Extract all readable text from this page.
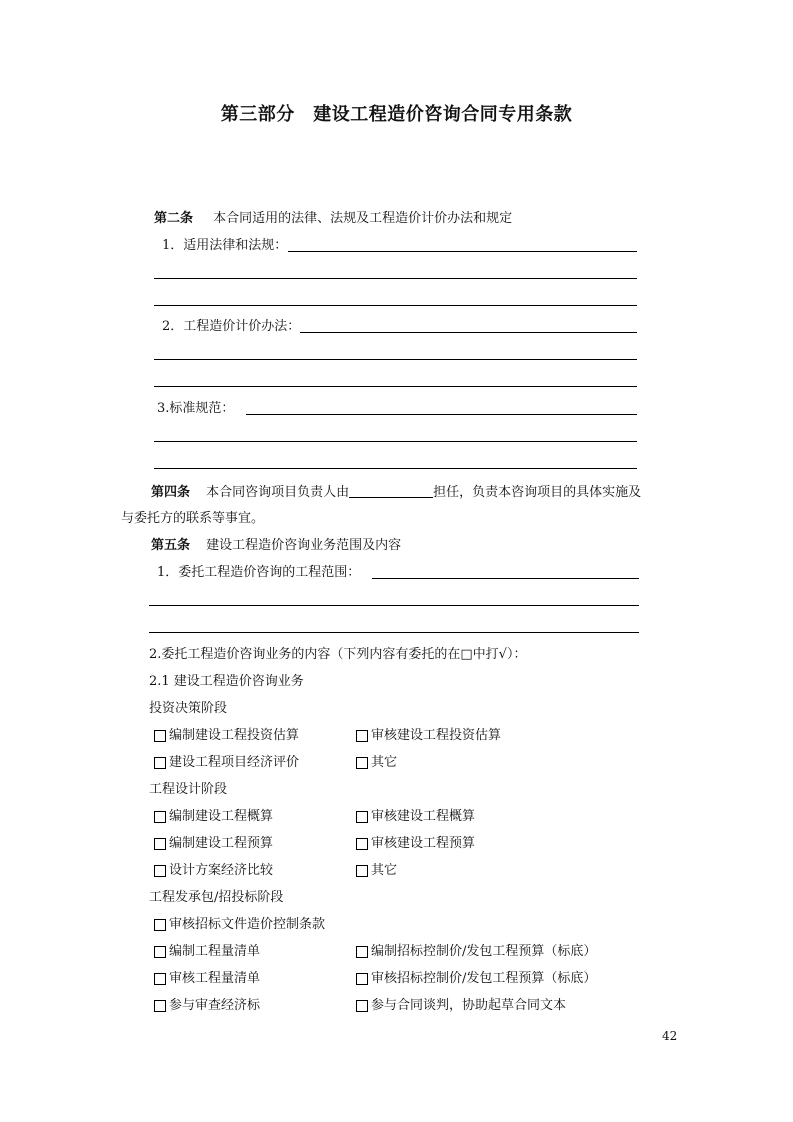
第三部分　建设工程造价咨询合同专用条款
第二条 本合同适用的法律、法规及工程造价计价办法和规定
1．适用法律和法规：
2．工程造价计价办法：
3.标准规范：
第四条 本合同咨询项目负责人由	担任，负责本咨询项目的具体实施及
与委托方的联系等事宜。
第五条 建设工程造价咨询业务范围及内容
1．委托工程造价咨询的工程范围：
2.委托工程造价咨询业务的内容（下列内容有委托的在□中打√）：
2.1 建设工程造价咨询业务
投资决策阶段
编制建设工程投资估算	审核建设工程投资估算
建设工程项目经济评价	其它
工程设计阶段
编制建设工程概算	审核建设工程概算
编制建设工程预算	审核建设工程预算
设计方案经济比较	其它
工程发承包/招投标阶段
审核招标文件造价控制条款
编制工程量清单	编制招标控制价/发包工程预算（标底）
审核工程量清单	审核招标控制价/发包工程预算（标底）
参与审查经济标	参与合同谈判，协助起草合同文本
42
